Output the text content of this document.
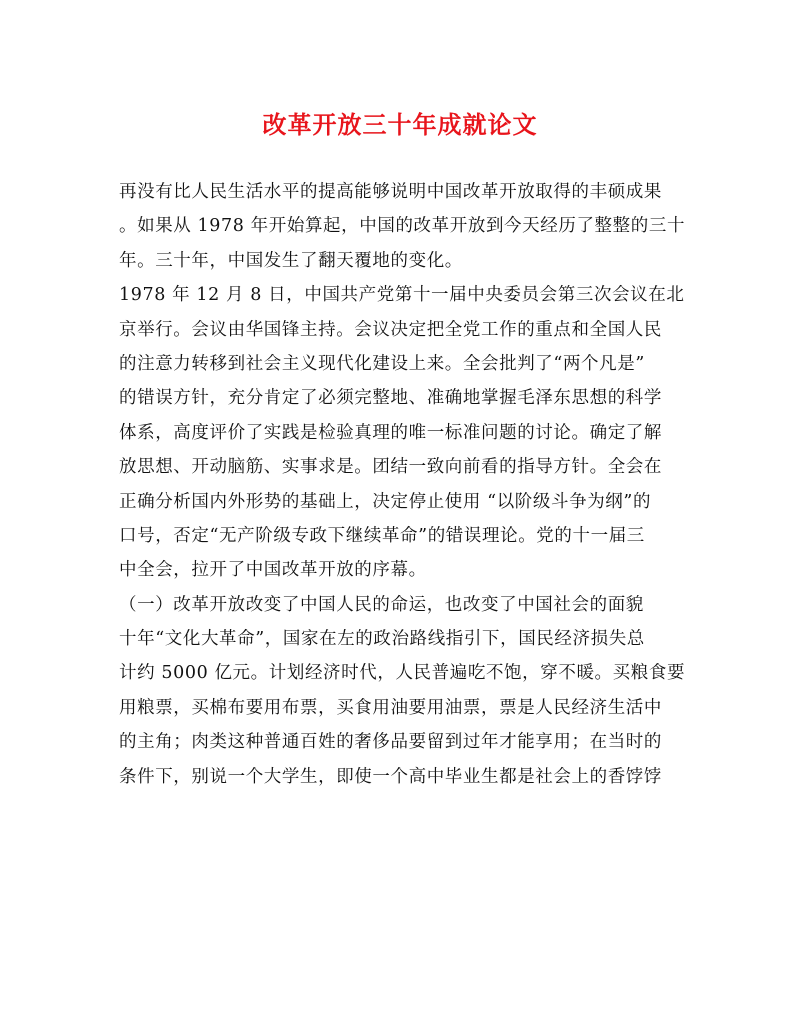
改革开放三十年成就论文
再没有比人民生活水平的提高能够说明中国改革开放取得的丰硕成果
。如果从 1978 年开始算起，中国的改革开放到今天经历了整整的三十
年。三十年，中国发生了翻天覆地的变化。
1978 年 12 月 8 日，中国共产党第十一届中央委员会第三次会议在北
京举行。会议由华国锋主持。会议决定把全党工作的重点和全国人民
的注意力转移到社会主义现代化建设上来。全会批判了“两个凡是”
的错误方针，充分肯定了必须完整地、准确地掌握毛泽东思想的科学
体系，高度评价了实践是检验真理的唯一标准问题的讨论。确定了解
放思想、开动脑筋、实事求是。团结一致向前看的指导方针。全会在
正确分析国内外形势的基础上，决定停止使用 “以阶级斗争为纲”的
口号，否定“无产阶级专政下继续革命”的错误理论。党的十一届三
中全会，拉开了中国改革开放的序幕。
（一）改革开放改变了中国人民的命运，也改变了中国社会的面貌
十年“文化大革命”，国家在左的政治路线指引下，国民经济损失总
计约 5000 亿元。计划经济时代，人民普遍吃不饱，穿不暖。买粮食要
用粮票，买棉布要用布票，买食用油要用油票，票是人民经济生活中
的主角；肉类这种普通百姓的奢侈品要留到过年才能享用；在当时的
条件下，别说一个大学生，即使一个高中毕业生都是社会上的香饽饽
